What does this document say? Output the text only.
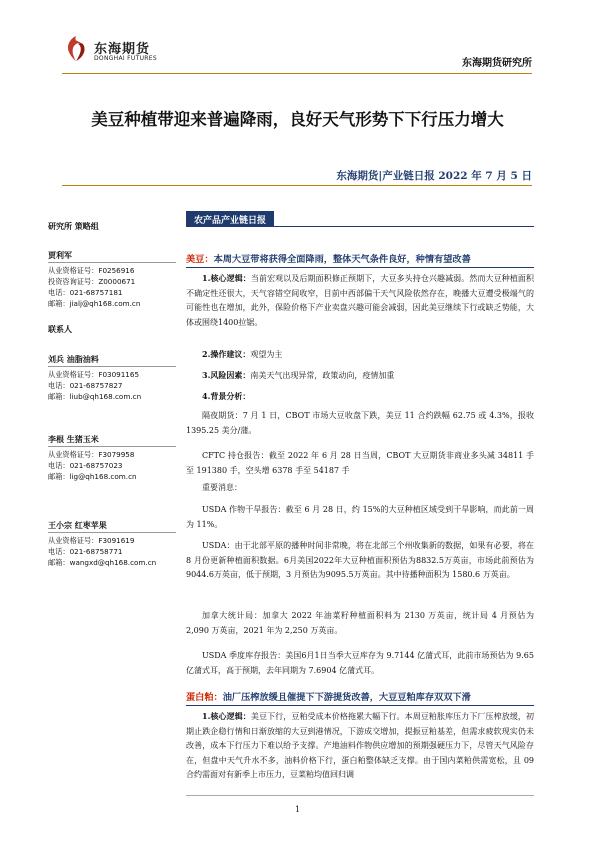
东海期货
DONGHAI FUTURES	东海期货研究所
美豆种植带迎来普遍降雨，良好天气形势下下行压力增大
东海期货|产业链日报 2022 年 7 月 5 日
研究所 策略组
贾利军
从业资格证号：F0256916
投资咨询证号：Z0000671
电话：021-68757181
邮箱：jialj@qh168.com.cn
联系人
刘兵 油脂油料
从业资格证号：F03091165
电话：021-68757827
邮箱：liub@qh168.com.cn
李根 生猪玉米
从业资格证号：F3079958
电话：021-68757023
邮箱：lig@qh168.com.cn
王小宗 红枣苹果
从业资格证号：F3091619
电话：021-68758771
邮箱：wangxd@qh168.com.cn
农产品产业链日报
美豆：本周大豆带将获得全面降雨，整体天气条件良好，种情有望改善
1.核心逻辑：当前宏观以及后期面积修正预期下，大豆多头持仓兴趣减弱。然而大豆种植面积不确定性还很大，天气容错空间收窄，目前中西部偏干天气风险依然存在，晚播大豆遭受极端气的可能性也在增加，此外，保险价格下产业卖盘兴趣可能会减弱，因此美豆继续下行或缺乏势能，大体或围绕1400拉锯。
2.操作建议：观望为主
3.风险因素：南美天气出现异常，政策动向，疫情加重
4.背景分析：
隔夜期货：7 月 1 日，CBOT 市场大豆收盘下跌，美豆 11 合约跌幅 62.75 或 4.3%，报收 1395.25 美分/蒲。
CFTC 持仓报告：截至 2022 年 6 月 28 日当周，CBOT 大豆期货非商业多头减 34811 手至 191380 手，空头增 6378 手至 54187 手
重要消息：
USDA 作物干旱报告：截至 6 月 28 日，约 15%的大豆种植区域受到干旱影响，而此前一周为 11%。
USDA：由于北部平原的播种时间非常晚，将在北部三个州收集新的数据，如果有必要，将在 8 月份更新种植面积数据。6月美国2022年大豆种植面积预估为8832.5万英亩，市场此前预估为9044.6万英亩，低于预期，3 月预估为9095.5万英亩。其中待播种面积为 1580.6 万英亩。
加拿大统计局：加拿大 2022 年油菜籽种植面积料为 2130 万英亩，统计局 4 月预估为 2,090 万英亩，2021 年为 2,250 万英亩。
USDA 季度库存报告：美国6月1日当季大豆库存为 9.7144 亿蒲式耳，此前市场预估为 9.65 亿蒲式耳，高于预期，去年同期为 7.6904 亿蒲式耳。
蛋白粕：油厂压榨放缓且催提下下游提货改善，大豆豆粕库存双双下滑
1.核心逻辑：美豆下行，豆粕受成本价格拖累大幅下行。本周豆粕胀库压力下厂压榨放缓，初期止跌企稳行情和日渐放缩的大豆到港情况，下游成交增加，提振豆粕基差，但需求疲软现实仍未改善，成本下行压力下难以给予支撑。产地油料作物供应增加的预期强硬压力下，尽管天气风险存在，但盘中天气升水不多，油料价格下行，蛋白粕整体缺乏支撑。由于国内菜粕供需宽松，且 09 合约需面对有新季上市压力，豆菜粕均值回归调
1
